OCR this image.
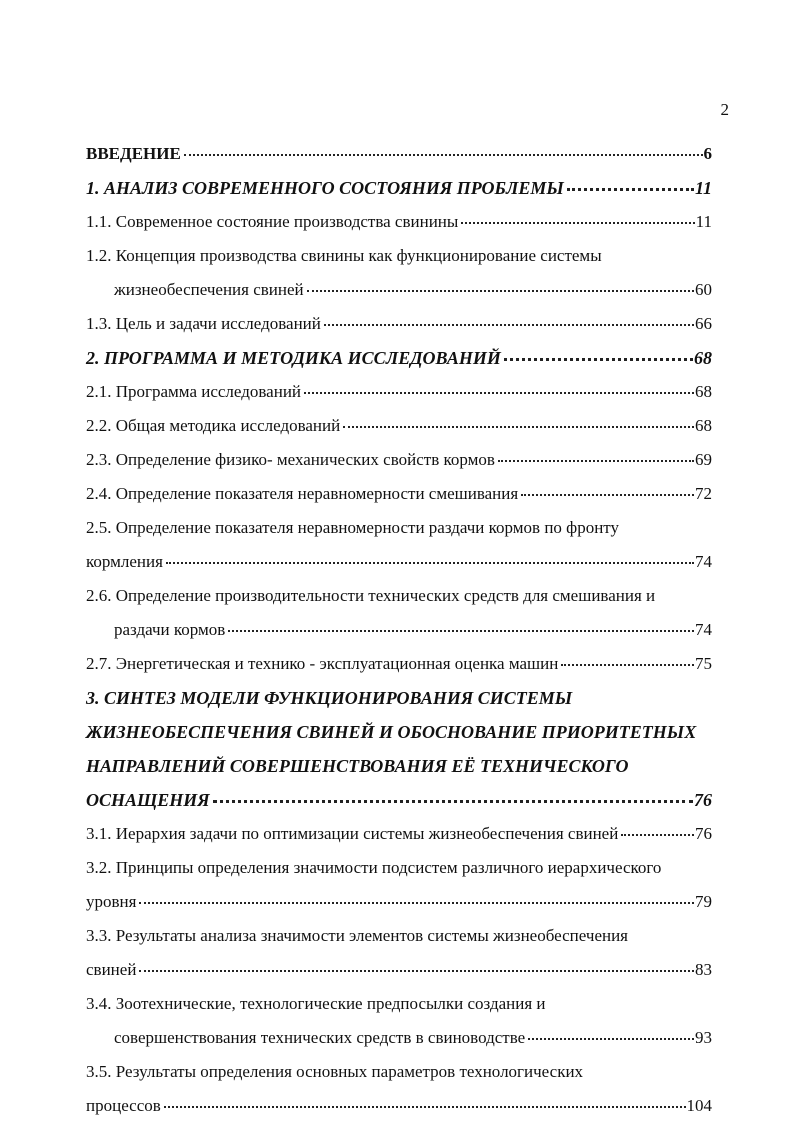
2
ВВЕДЕНИЕ	6
1. АНАЛИЗ СОВРЕМЕННОГО СОСТОЯНИЯ ПРОБЛЕМЫ	11
1.1. Современное состояние производства свинины	11
1.2. Концепция производства свинины как функционирование системы
жизнеобеспечения свиней	60
1.3. Цель и задачи исследований	66
2. ПРОГРАММА И МЕТОДИКА ИССЛЕДОВАНИЙ	68
2.1. Программа исследований	68
2.2. Общая методика исследований	68
2.3. Определение физико- механических свойств кормов	69
2.4. Определение показателя неравномерности смешивания	72
2.5. Определение показателя неравномерности раздачи кормов по фронту
кормления	74
2.6. Определение производительности технических средств для смешивания и
раздачи кормов	74
2.7. Энергетическая и технико - эксплуатационная оценка машин	75
3. СИНТЕЗ МОДЕЛИ ФУНКЦИОНИРОВАНИЯ СИСТЕМЫ
ЖИЗНЕОБЕСПЕЧЕНИЯ СВИНЕЙ И ОБОСНОВАНИЕ ПРИОРИТЕТНЫХ
НАПРАВЛЕНИЙ СОВЕРШЕНСТВОВАНИЯ ЕЁ ТЕХНИЧЕСКОГО
ОСНАЩЕНИЯ	76
3.1. Иерархия задачи по оптимизации системы жизнеобеспечения свиней	76
3.2. Принципы определения значимости подсистем различного иерархического
уровня	79
3.3. Результаты анализа значимости элементов системы жизнеобеспечения
свиней	83
3.4. Зоотехнические, технологические предпосылки создания и
совершенствования технических средств в свиноводстве	93
3.5. Результаты определения основных параметров технологических
процессов	104
